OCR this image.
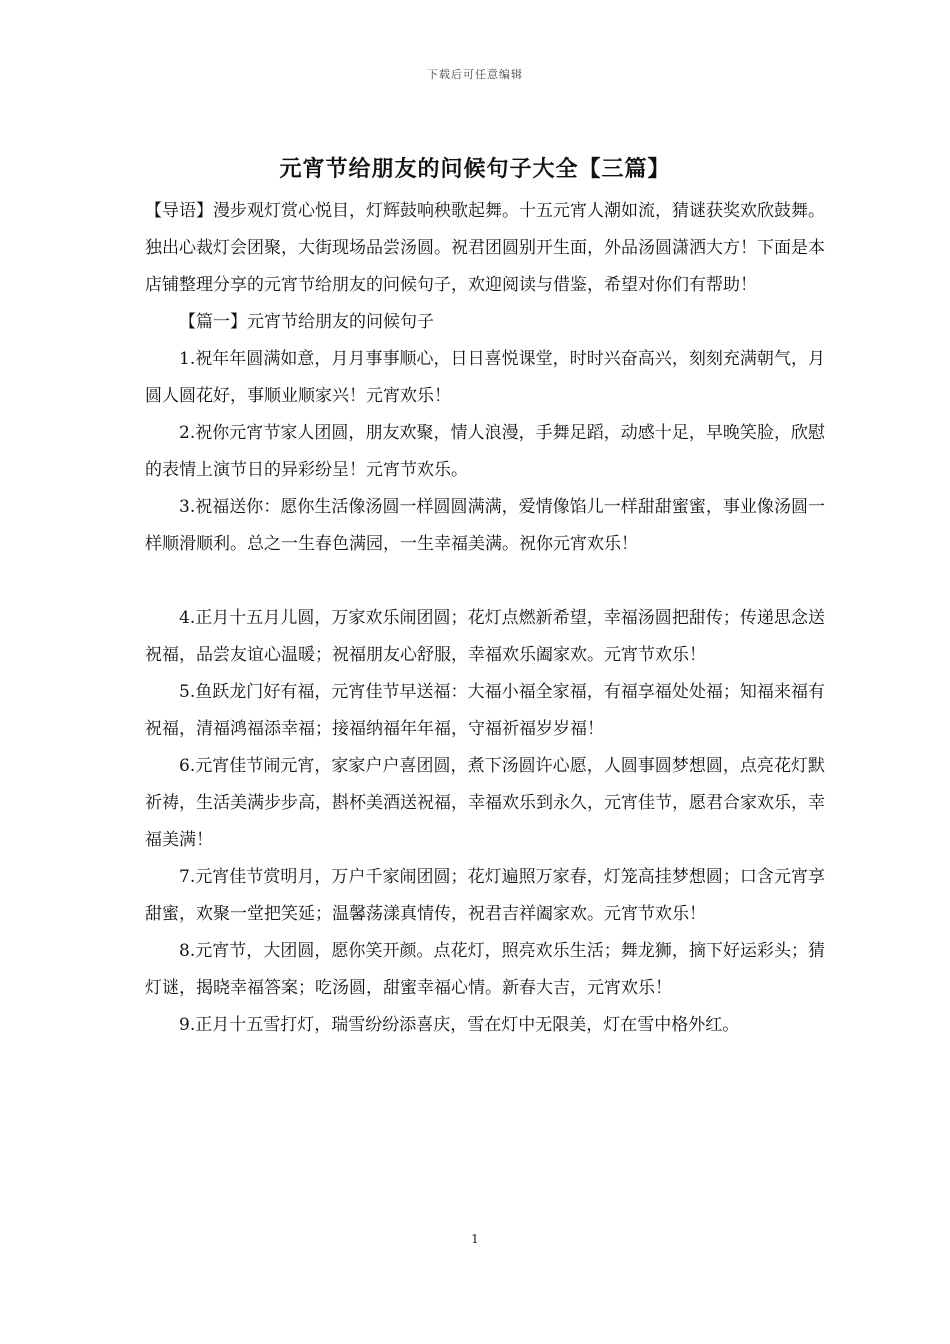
下载后可任意编辑
元宵节给朋友的问候句子大全【三篇】

【导语】漫步观灯赏心悦目，灯辉鼓响秧歌起舞。十五元宵人潮如流，猜谜获奖欢欣鼓舞。独出心裁灯会团聚，大街现场品尝汤圆。祝君团圆别开生面，外品汤圆潇洒大方！下面是本店铺整理分享的元宵节给朋友的问候句子，欢迎阅读与借鉴，希望对你们有帮助！

【篇一】元宵节给朋友的问候句子

1.祝年年圆满如意，月月事事顺心，日日喜悦课堂，时时兴奋高兴，刻刻充满朝气，月圆人圆花好，事顺业顺家兴！元宵欢乐！

2.祝你元宵节家人团圆，朋友欢聚，情人浪漫，手舞足蹈，动感十足，早晚笑脸，欣慰的表情上演节日的异彩纷呈！元宵节欢乐。

3.祝福送你：愿你生活像汤圆一样圆圆满满，爱情像馅儿一样甜甜蜜蜜，事业像汤圆一样顺滑顺利。总之一生春色满园，一生幸福美满。祝你元宵欢乐！

4.正月十五月儿圆，万家欢乐闹团圆；花灯点燃新希望，幸福汤圆把甜传；传递思念送祝福，品尝友谊心温暖；祝福朋友心舒服，幸福欢乐阖家欢。元宵节欢乐！

5.鱼跃龙门好有福，元宵佳节早送福：大福小福全家福，有福享福处处福；知福来福有祝福，清福鸿福添幸福；接福纳福年年福，守福祈福岁岁福！

6.元宵佳节闹元宵，家家户户喜团圆，煮下汤圆许心愿，人圆事圆梦想圆，点亮花灯默祈祷，生活美满步步高，斟杯美酒送祝福，幸福欢乐到永久，元宵佳节，愿君合家欢乐，幸福美满！

7.元宵佳节赏明月，万户千家闹团圆；花灯遍照万家春，灯笼高挂梦想圆；口含元宵享甜蜜，欢聚一堂把笑延；温馨荡漾真情传，祝君吉祥阖家欢。元宵节欢乐！

8.元宵节，大团圆，愿你笑开颜。点花灯，照亮欢乐生活；舞龙狮，摘下好运彩头；猜灯谜，揭晓幸福答案；吃汤圆，甜蜜幸福心情。新春大吉，元宵欢乐！

9.正月十五雪打灯，瑞雪纷纷添喜庆，雪在灯中无限美，灯在雪中格外红。

1
